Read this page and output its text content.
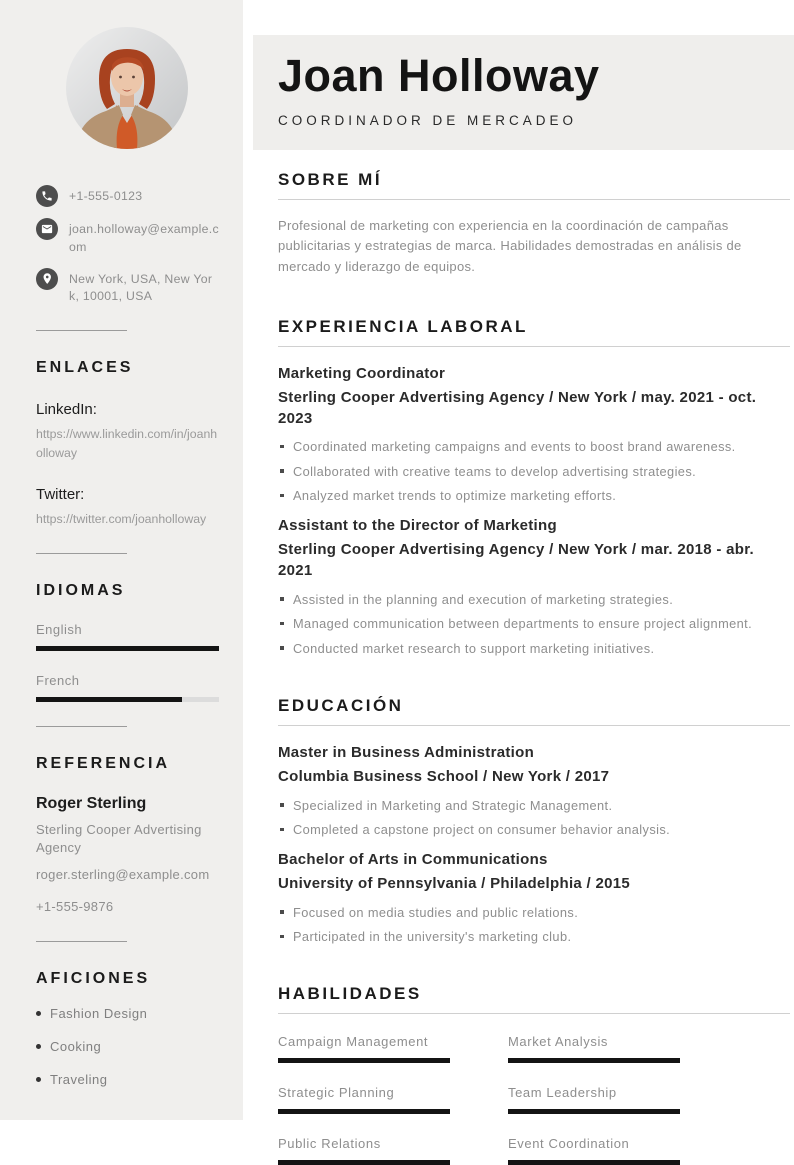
+1-555-0123
joan.holloway@example.com
New York, USA, New York, 10001, USA
ENLACES
LinkedIn:
https://www.linkedin.com/in/joanholloway
Twitter:
https://twitter.com/joanholloway
IDIOMAS
English
French
REFERENCIA
Roger Sterling
Sterling Cooper Advertising Agency
roger.sterling@example.com
+1-555-9876
AFICIONES
Fashion Design
Cooking
Traveling
Joan Holloway
COORDINADOR DE MERCADEO
SOBRE MÍ

Profesional de marketing con experiencia en la coordinación de campañas publicitarias y estrategias de marca. Habilidades demostradas en análisis de mercado y liderazgo de equipos.

EXPERIENCIA LABORAL
Marketing Coordinator
Sterling Cooper Advertising Agency / New York / may. 2021 - oct. 2023
Coordinated marketing campaigns and events to boost brand awareness.
Collaborated with creative teams to develop advertising strategies.
Analyzed market trends to optimize marketing efforts.
Assistant to the Director of Marketing
Sterling Cooper Advertising Agency / New York / mar. 2018 - abr. 2021
Assisted in the planning and execution of marketing strategies.
Managed communication between departments to ensure project alignment.
Conducted market research to support marketing initiatives.
EDUCACIÓN
Master in Business Administration
Columbia Business School / New York / 2017
Specialized in Marketing and Strategic Management.
Completed a capstone project on consumer behavior analysis.
Bachelor of Arts in Communications
University of Pennsylvania / Philadelphia / 2015
Focused on media studies and public relations.
Participated in the university's marketing club.
HABILIDADES
Campaign Management	Market Analysis
Strategic Planning	Team Leadership
Public Relations	Event Coordination
